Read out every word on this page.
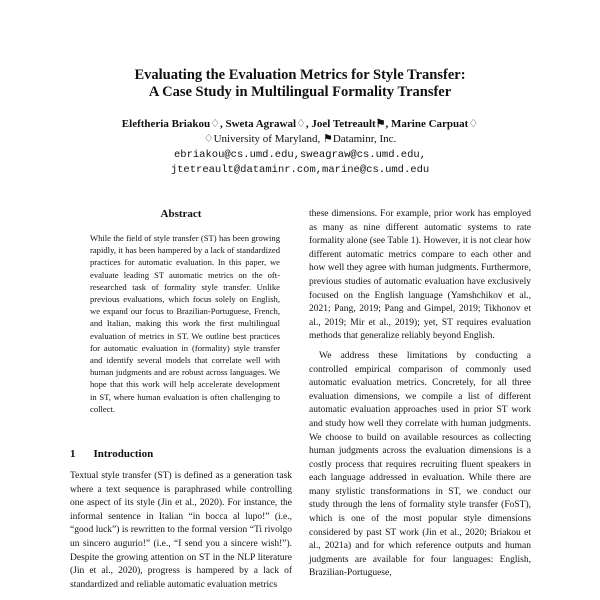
Evaluating the Evaluation Metrics for Style Transfer:
A Case Study in Multilingual Formality Transfer
Eleftheria Briakou♢, Sweta Agrawal♢, Joel Tetreault⚑, Marine Carpuat♢
♢University of Maryland, ⚑Dataminr, Inc.
ebriakou@cs.umd.edu,sweagraw@cs.umd.edu,
jtetreault@dataminr.com,marine@cs.umd.edu
Abstract
While the field of style transfer (ST) has been growing rapidly, it has been hampered by a lack of standardized practices for automatic evaluation. In this paper, we evaluate leading ST automatic metrics on the oft-researched task of formality style transfer. Unlike previous evaluations, which focus solely on English, we expand our focus to Brazilian-Portuguese, French, and Italian, making this work the first multilingual evaluation of metrics in ST. We outline best practices for automatic evaluation in (formality) style transfer and identify several models that correlate well with human judgments and are robust across languages. We hope that this work will help accelerate development in ST, where human evaluation is often challenging to collect.
1 Introduction
Textual style transfer (ST) is defined as a generation task where a text sequence is paraphrased while controlling one aspect of its style (Jin et al., 2020). For instance, the informal sentence in Italian “in bocca al lupo!” (i.e., “good luck”) is rewritten to the formal version “Ti rivolgo un sincero augurio!” (i.e., “I send you a sincere wish!”). Despite the growing attention on ST in the NLP literature (Jin et al., 2020), progress is hampered by a lack of standardized and reliable automatic evaluation metrics

these dimensions. For example, prior work has employed as many as nine different automatic systems to rate formality alone (see Table 1). However, it is not clear how different automatic metrics compare to each other and how well they agree with human judgments. Furthermore, previous studies of automatic evaluation have exclusively focused on the English language (Yamshchikov et al., 2021; Pang, 2019; Pang and Gimpel, 2019; Tikhonov et al., 2019; Mir et al., 2019); yet, ST requires evaluation methods that generalize reliably beyond English.

We address these limitations by conducting a controlled empirical comparison of commonly used automatic evaluation metrics. Concretely, for all three evaluation dimensions, we compile a list of different automatic evaluation approaches used in prior ST work and study how well they correlate with human judgments. We choose to build on available resources as collecting human judgments across the evaluation dimensions is a costly process that requires recruiting fluent speakers in each language addressed in evaluation. While there are many stylistic transformations in ST, we conduct our study through the lens of formality style transfer (FoST), which is one of the most popular style dimensions considered by past ST work (Jin et al., 2020; Briakou et al., 2021a) and for which reference outputs and human judgments are available for four languages: English, Brazilian-Portuguese,
